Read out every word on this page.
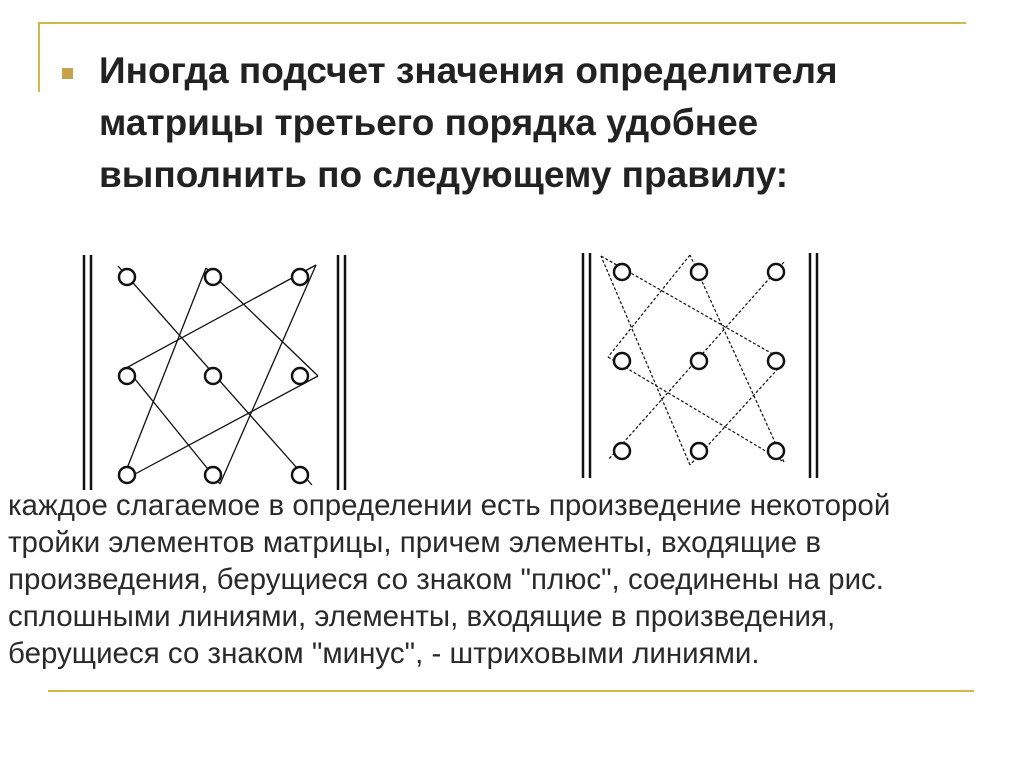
Иногда подсчет значения определителя
матрицы третьего порядка удобнее
выполнить по следующему правилу:

каждое слагаемое в определении есть произведение некоторой
тройки элементов матрицы, причем элементы, входящие в
произведения, берущиеся со знаком "плюс", соединены на рис.
сплошными линиями, элементы, входящие в произведения,
берущиеся со знаком "минус", - штриховыми линиями.
